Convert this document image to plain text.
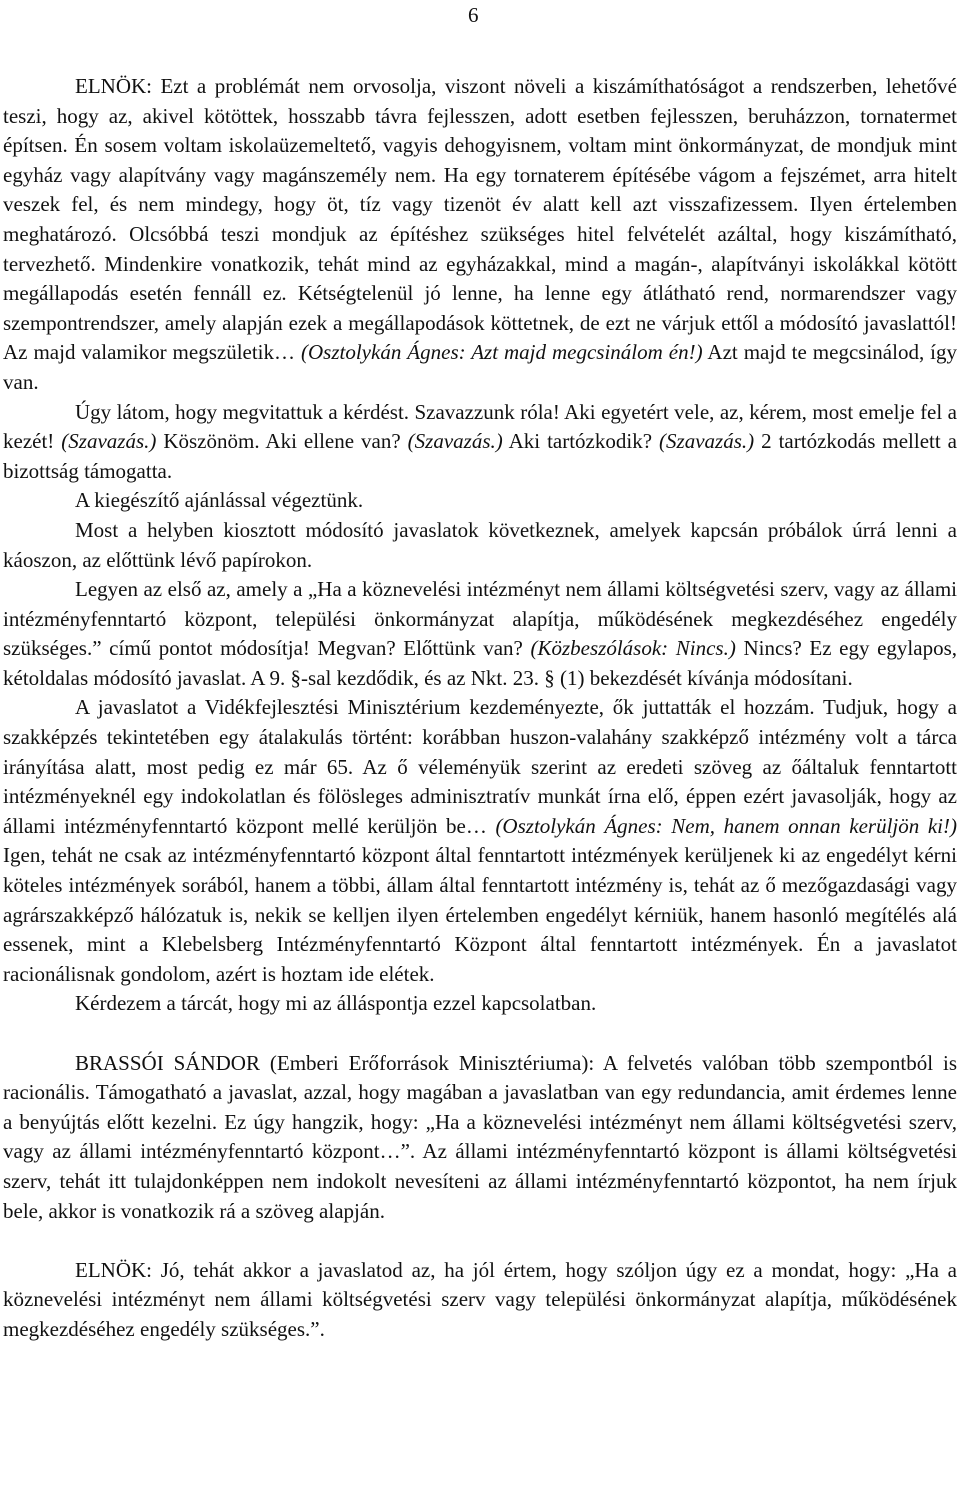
6

ELNÖK: Ezt a problémát nem orvosolja, viszont növeli a kiszámíthatóságot a rendszerben, lehetővé teszi, hogy az, akivel kötöttek, hosszabb távra fejlesszen, adott esetben fejlesszen, beruházzon, tornatermet építsen. Én sosem voltam iskolaüzemeltető, vagyis dehogyisnem, voltam mint önkormányzat, de mondjuk mint egyház vagy alapítvány vagy magánszemély nem. Ha egy tornaterem építésébe vágom a fejszémet, arra hitelt veszek fel, és nem mindegy, hogy öt, tíz vagy tizenöt év alatt kell azt visszafizessem. Ilyen értelemben meghatározó. Olcsóbbá teszi mondjuk az építéshez szükséges hitel felvételét azáltal, hogy kiszámítható, tervezhető. Mindenkire vonatkozik, tehát mind az egyházakkal, mind a magán-, alapítványi iskolákkal kötött megállapodás esetén fennáll ez. Kétségtelenül jó lenne, ha lenne egy átlátható rend, normarendszer vagy szempontrendszer, amely alapján ezek a megállapodások köttetnek, de ezt ne várjuk ettől a módosító javaslattól! Az majd valamikor megszületik… (Osztolykán Ágnes: Azt majd megcsinálom én!) Azt majd te megcsinálod, így van.

Úgy látom, hogy megvitattuk a kérdést. Szavazzunk róla! Aki egyetért vele, az, kérem, most emelje fel a kezét! (Szavazás.) Köszönöm. Aki ellene van? (Szavazás.) Aki tartózkodik? (Szavazás.) 2 tartózkodás mellett a bizottság támogatta.

A kiegészítő ajánlással végeztünk.

Most a helyben kiosztott módosító javaslatok következnek, amelyek kapcsán próbálok úrrá lenni a káoszon, az előttünk lévő papírokon.

Legyen az első az, amely a „Ha a köznevelési intézményt nem állami költségvetési szerv, vagy az állami intézményfenntartó központ, települési önkormányzat alapítja, működésének megkezdéséhez engedély szükséges.” című pontot módosítja! Megvan? Előttünk van? (Közbeszólások: Nincs.) Nincs? Ez egy egylapos, kétoldalas módosító javaslat. A 9. §-sal kezdődik, és az Nkt. 23. § (1) bekezdését kívánja módosítani.

A javaslatot a Vidékfejlesztési Minisztérium kezdeményezte, ők juttatták el hozzám. Tudjuk, hogy a szakképzés tekintetében egy átalakulás történt: korábban huszon-valahány szakképző intézmény volt a tárca irányítása alatt, most pedig ez már 65. Az ő véleményük szerint az eredeti szöveg az őáltaluk fenntartott intézményeknél egy indokolatlan és fölösleges adminisztratív munkát írna elő, éppen ezért javasolják, hogy az állami intézményfenntartó központ mellé kerüljön be… (Osztolykán Ágnes: Nem, hanem onnan kerüljön ki!) Igen, tehát ne csak az intézményfenntartó központ által fenntartott intézmények kerüljenek ki az engedélyt kérni köteles intézmények sorából, hanem a többi, állam által fenntartott intézmény is, tehát az ő mezőgazdasági vagy agrárszakképző hálózatuk is, nekik se kelljen ilyen értelemben engedélyt kérniük, hanem hasonló megítélés alá essenek, mint a Klebelsberg Intézményfenntartó Központ által fenntartott intézmények. Én a javaslatot racionálisnak gondolom, azért is hoztam ide elétek.

Kérdezem a tárcát, hogy mi az álláspontja ezzel kapcsolatban.

BRASSÓI SÁNDOR (Emberi Erőforrások Minisztériuma): A felvetés valóban több szempontból is racionális. Támogatható a javaslat, azzal, hogy magában a javaslatban van egy redundancia, amit érdemes lenne a benyújtás előtt kezelni. Ez úgy hangzik, hogy: „Ha a köznevelési intézményt nem állami költségvetési szerv, vagy az állami intézményfenntartó központ…”. Az állami intézményfenntartó központ is állami költségvetési szerv, tehát itt tulajdonképpen nem indokolt nevesíteni az állami intézményfenntartó központot, ha nem írjuk bele, akkor is vonatkozik rá a szöveg alapján.

ELNÖK: Jó, tehát akkor a javaslatod az, ha jól értem, hogy szóljon úgy ez a mondat, hogy: „Ha a köznevelési intézményt nem állami költségvetési szerv vagy települési önkormányzat alapítja, működésének megkezdéséhez engedély szükséges.”.
